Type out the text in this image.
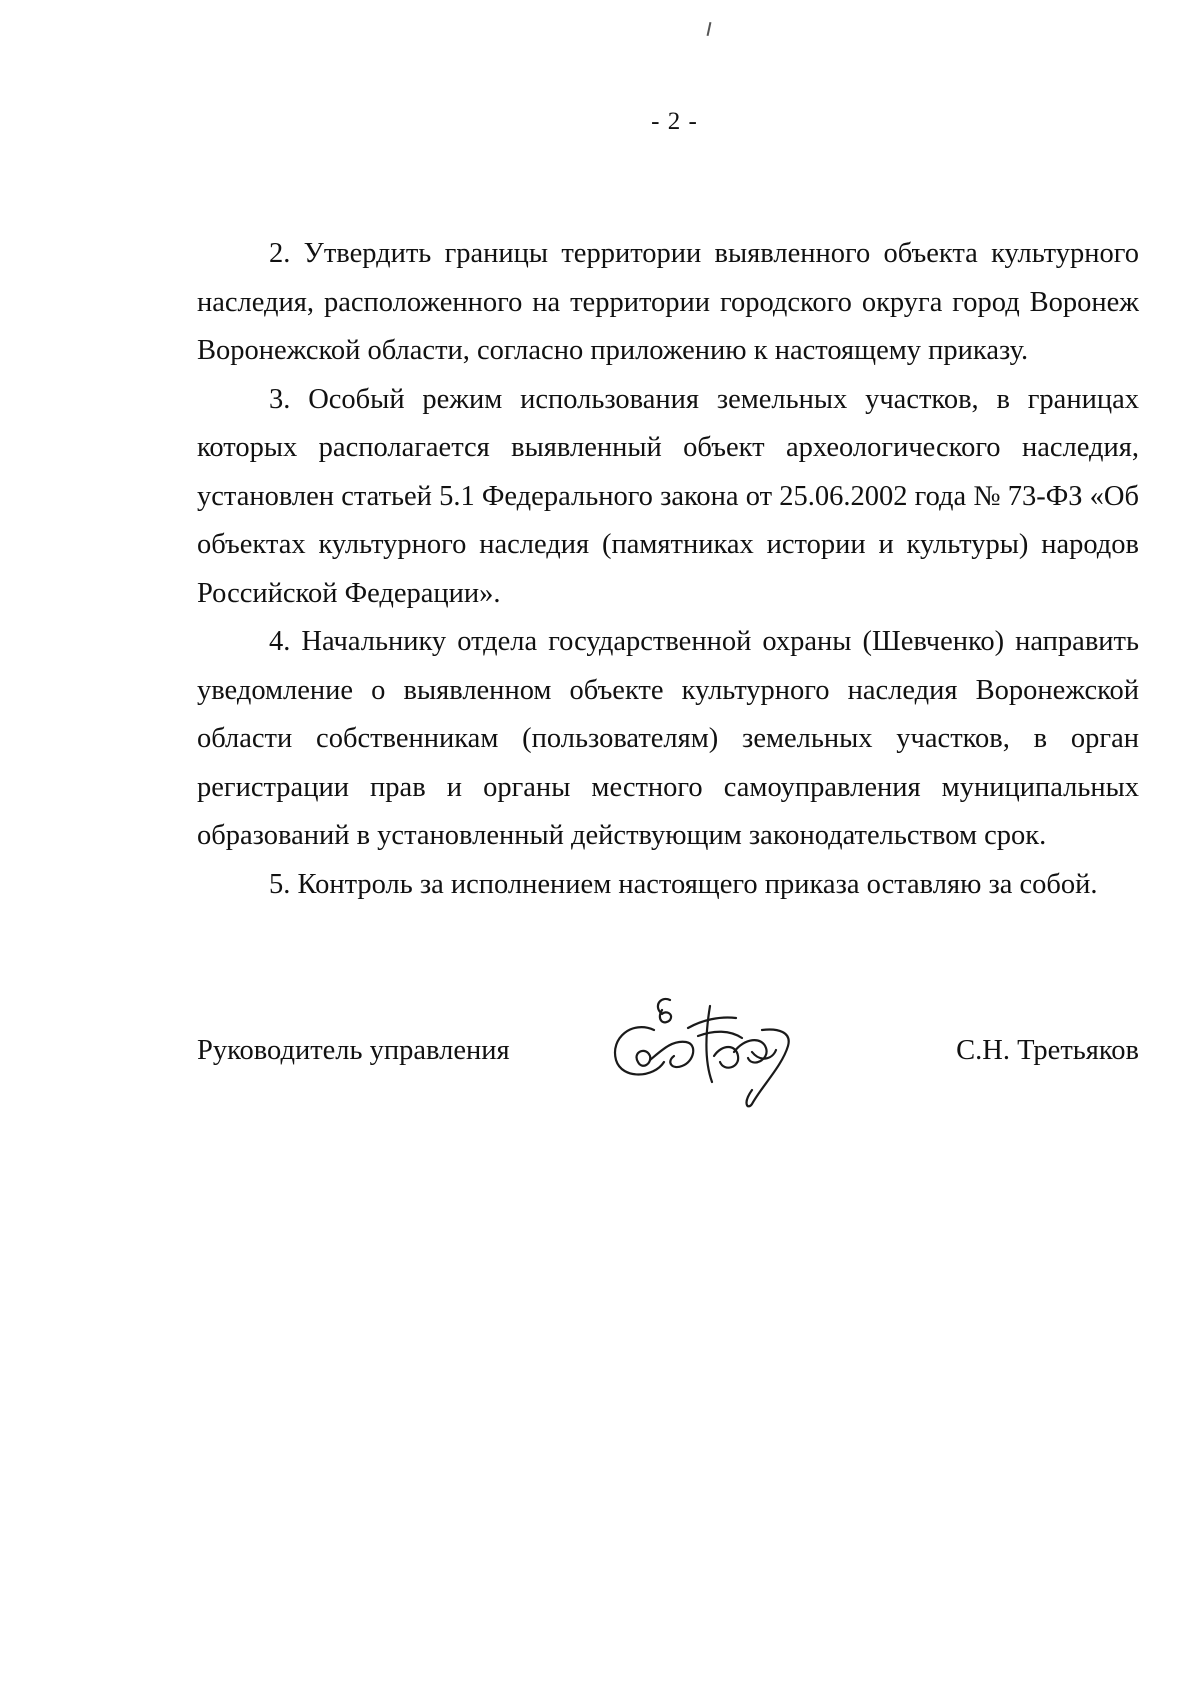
- 2 -

2. Утвердить границы территории выявленного объекта культурного наследия, расположенного на территории городского округа город Воронеж Воронежской области, согласно приложению к настоящему приказу.

3. Особый режим использования земельных участков, в границах которых располагается выявленный объект археологического наследия, установлен статьей 5.1 Федерального закона от 25.06.2002 года № 73-ФЗ «Об объектах культурного наследия (памятниках истории и культуры) народов Российской Федерации».

4. Начальнику отдела государственной охраны (Шевченко) направить уведомление о выявленном объекте культурного наследия Воронежской области собственникам (пользователям) земельных участков, в орган регистрации прав и органы местного самоуправления муниципальных образований в установленный действующим законодательством срок.

5. Контроль за исполнением настоящего приказа оставляю за собой.

Руководитель управления	С.Н. Третьяков
